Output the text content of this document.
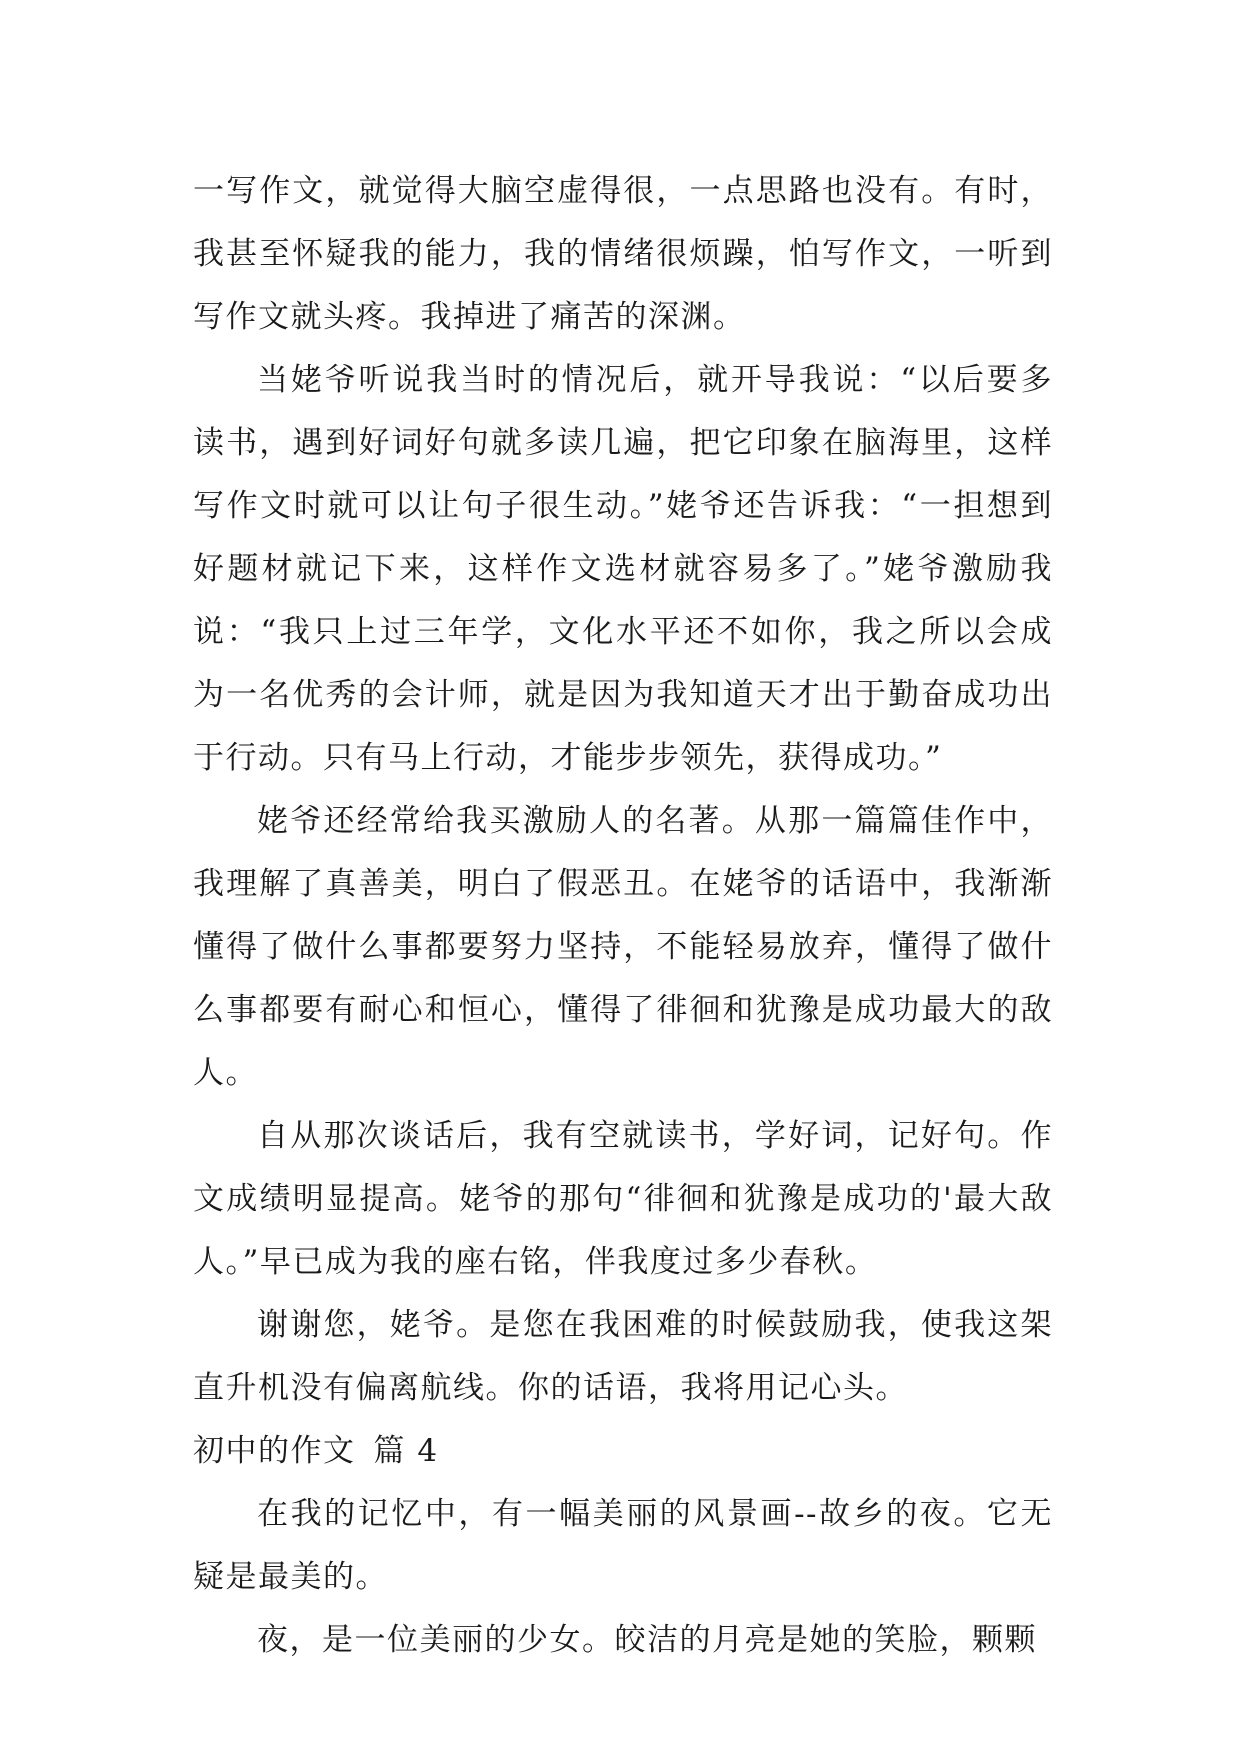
一写作文，就觉得大脑空虚得很，一点思路也没有。有时，我甚至怀疑我的能力，我的情绪很烦躁，怕写作文，一听到写作文就头疼。我掉进了痛苦的深渊。

当姥爷听说我当时的情况后，就开导我说：“以后要多读书，遇到好词好句就多读几遍，把它印象在脑海里，这样写作文时就可以让句子很生动。”姥爷还告诉我：“一担想到好题材就记下来，这样作文选材就容易多了。”姥爷激励我说：“我只上过三年学，文化水平还不如你，我之所以会成为一名优秀的会计师，就是因为我知道天才出于勤奋成功出于行动。只有马上行动，才能步步领先，获得成功。”

姥爷还经常给我买激励人的名著。从那一篇篇佳作中，我理解了真善美，明白了假恶丑。在姥爷的话语中，我渐渐懂得了做什么事都要努力坚持，不能轻易放弃，懂得了做什么事都要有耐心和恒心，懂得了徘徊和犹豫是成功最大的敌人。

自从那次谈话后，我有空就读书，学好词，记好句。作文成绩明显提高。姥爷的那句“徘徊和犹豫是成功的'最大敌人。”早已成为我的座右铭，伴我度过多少春秋。

谢谢您，姥爷。是您在我困难的时候鼓励我，使我这架直升机没有偏离航线。你的话语，我将用记心头。

初中的作文 篇 4

在我的记忆中，有一幅美丽的风景画--故乡的夜。它无疑是最美的。

夜，是一位美丽的少女。皎洁的月亮是她的笑脸，颗颗
